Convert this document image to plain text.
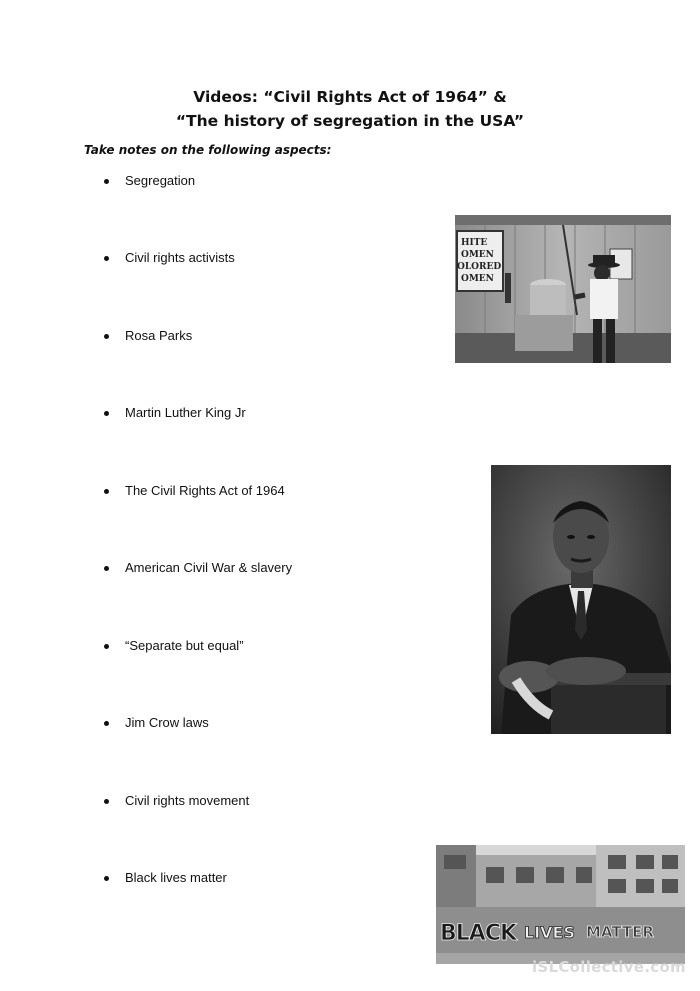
Videos: “Civil Rights Act of 1964” &
“The history of segregation in the USA”
Take notes on the following aspects:
Segregation
Civil rights activists
Rosa Parks
Martin Luther King Jr
The Civil Rights Act of 1964
American Civil War & slavery
“Separate but equal”
Jim Crow laws
Civil rights movement
Black lives matter
HITE
OMEN
OLORED
OMEN
BLACK LIVES MATTER
iSLCollective.com
